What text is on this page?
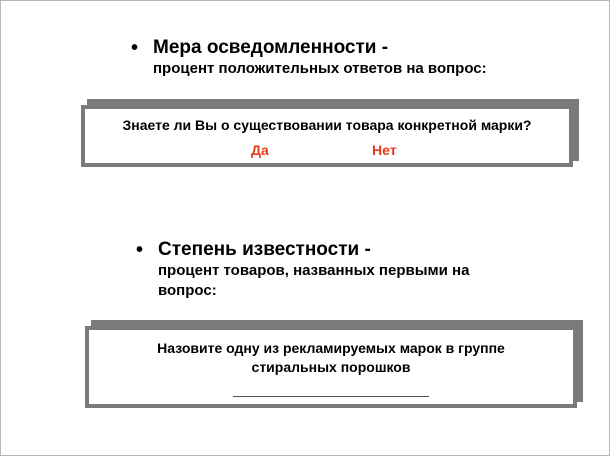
• Мера осведомленности -
процент положительных ответов на вопрос:
Знаете ли Вы о существовании товара конкретной марки?
Да	Нет
• Степень известности -
процент товаров, названных первыми на
вопрос:
Назовите одну из рекламируемых марок в группе
стиральных порошков
